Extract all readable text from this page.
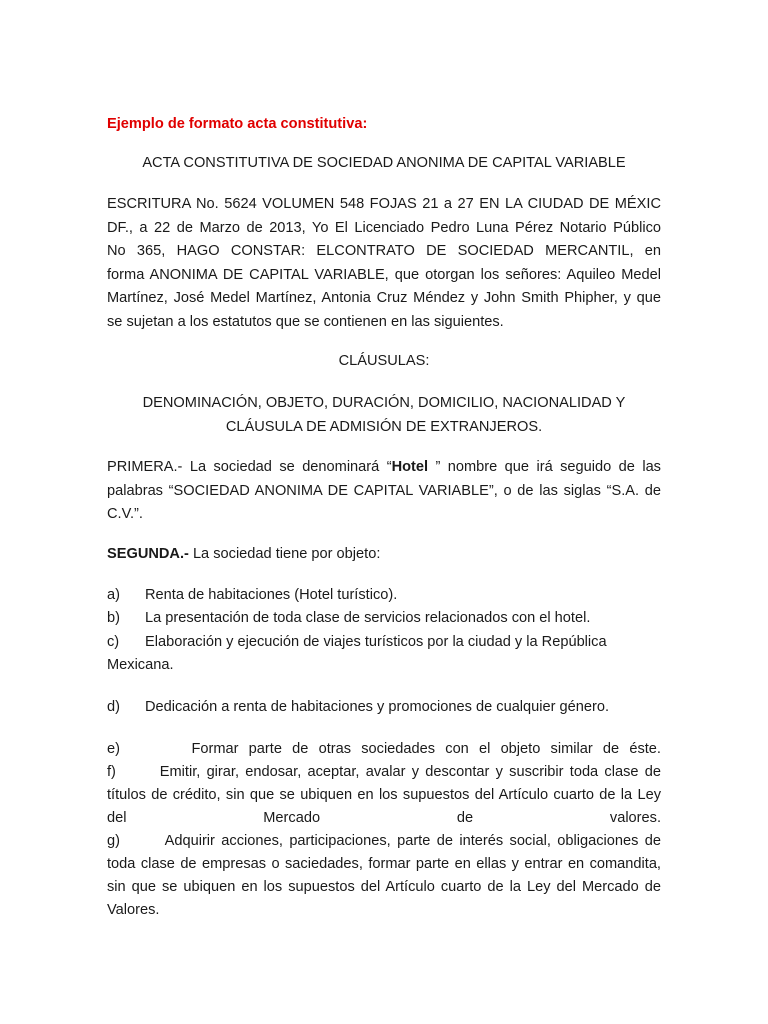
Ejemplo de formato acta constitutiva:
ACTA CONSTITUTIVA DE SOCIEDAD ANONIMA DE CAPITAL VARIABLE
ESCRITURA No. 5624 VOLUMEN 548 FOJAS 21 a 27 EN LA CIUDAD DE MÉXIC
DF., a 22 de Marzo de 2013, Yo El Licenciado Pedro Luna Pérez Notario Público
No 365, HAGO CONSTAR: ELCONTRATO DE SOCIEDAD MERCANTIL, en
forma ANONIMA DE CAPITAL VARIABLE, que otorgan los señores: Aquileo Medel
Martínez, José Medel Martínez, Antonia Cruz Méndez y John Smith Phipher, y que
se sujetan a los estatutos que se contienen en las siguientes.
CLÁUSULAS:
DENOMINACIÓN, OBJETO, DURACIÓN, DOMICILIO, NACIONALIDAD Y
CLÁUSULA DE ADMISIÓN DE EXTRANJEROS.
PRIMERA.- La sociedad se denominará “Hotel ” nombre que irá seguido de las
palabras “SOCIEDAD ANONIMA DE CAPITAL VARIABLE”, o de las siglas “S.A. de
C.V.”.
SEGUNDA.- La sociedad tiene por objeto:
a) Renta de habitaciones (Hotel turístico).
b) La presentación de toda clase de servicios relacionados con el hotel.
c) Elaboración y ejecución de viajes turísticos por la ciudad y la República
Mexicana.
d) Dedicación a renta de habitaciones y promociones de cualquier género.
e)	Formar parte de otras sociedades con el objeto similar de éste.
f)	Emitir, girar, endosar, aceptar, avalar y descontar y suscribir toda clase de
títulos de crédito, sin que se ubiquen en los supuestos del Artículo cuarto de la Ley
del Mercado de valores.
g)	Adquirir acciones, participaciones, parte de interés social, obligaciones de
toda clase de empresas o saciedades, formar parte en ellas y entrar en comandita,
sin que se ubiquen en los supuestos del Artículo cuarto de la Ley del Mercado de
Valores.
